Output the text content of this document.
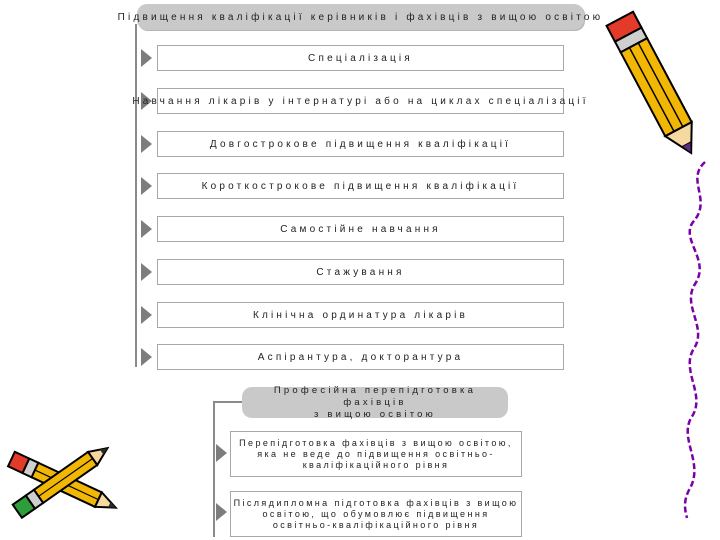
Підвищення кваліфікації керівників і фахівців з вищою освітою
Спеціалізація
Навчання лікарів у інтернатурі або на циклах спеціалізації
Довгострокове підвищення кваліфікації
Короткострокове підвищення кваліфікації
Самостійне навчання
Стажування
Клінічна ординатура лікарів
Аспірантура, докторантура
Професійна перепідготовка фахівців
з вищою освітою
Перепідготовка фахівців з вищою освітою,
яка не веде до підвищення освітньо-
кваліфікаційного рівня
Післядипломна підготовка фахівців з вищою
освітою, що обумовлює підвищення
освітньо-кваліфікаційного рівня
